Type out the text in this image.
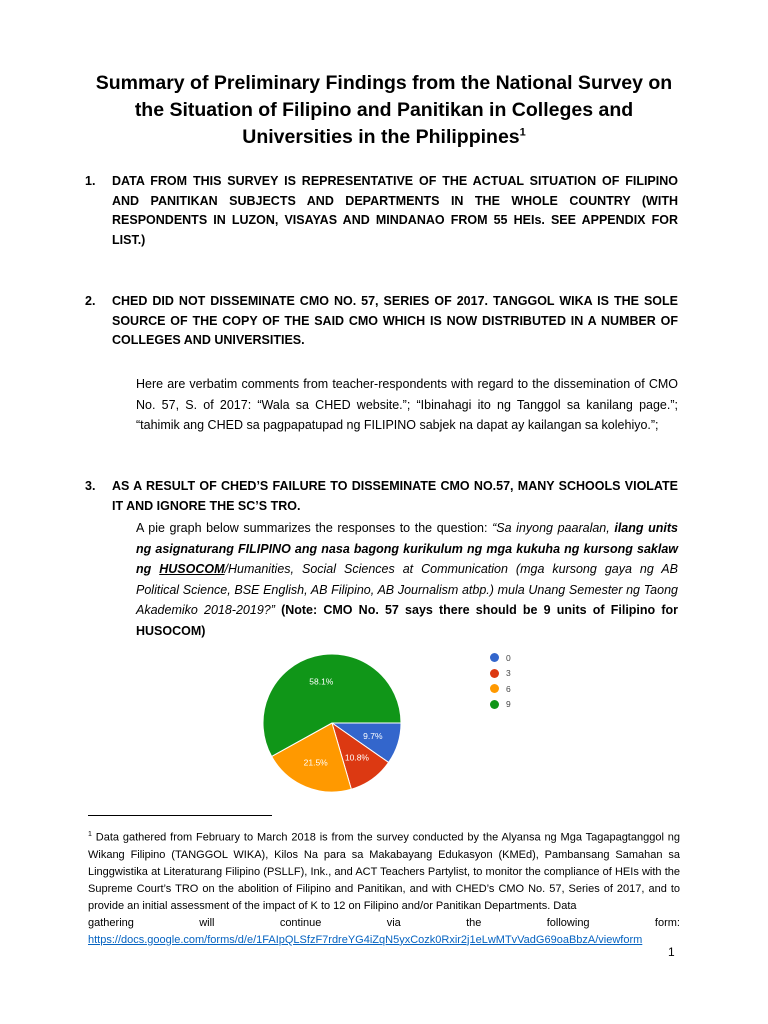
Summary of Preliminary Findings from the National Survey on
the Situation of Filipino and Panitikan in Colleges and
Universities in the Philippines$^1$
1. DATA FROM THIS SURVEY IS REPRESENTATIVE OF THE ACTUAL SITUATION OF FILIPINO AND PANITIKAN SUBJECTS AND DEPARTMENTS IN THE WHOLE COUNTRY (WITH RESPONDENTS IN LUZON, VISAYAS AND MINDANAO FROM 55 HEIs. SEE APPENDIX FOR LIST.)
2. CHED DID NOT DISSEMINATE CMO NO. 57, SERIES OF 2017. TANGGOL WIKA IS THE SOLE SOURCE OF THE COPY OF THE SAID CMO WHICH IS NOW DISTRIBUTED IN A NUMBER OF COLLEGES AND UNIVERSITIES.
Here are verbatim comments from teacher-respondents with regard to the dissemination of CMO No. 57, S. of 2017: “Wala sa CHED website.”; “Ibinahagi ito ng Tanggol sa kanilang page.”; “tahimik ang CHED sa pagpapatupad ng FILIPINO sabjek na dapat ay kailangan sa kolehiyo.”;
3. AS A RESULT OF CHED’S FAILURE TO DISSEMINATE CMO NO.57, MANY SCHOOLS VIOLATE IT AND IGNORE THE SC’S TRO.
A pie graph below summarizes the responses to the question: “Sa inyong paaralan, ilang units ng asignaturang FILIPINO ang nasa bagong kurikulum ng mga kukuha ng kursong saklaw ng HUSOCOM/Humanities, Social Sciences at Communication (mga kursong gaya ng AB Political Science, BSE English, AB Filipino, AB Journalism atbp.) mula Unang Semester ng Taong Akademiko 2018-2019?” (Note: CMO No. 57 says there should be 9 units of Filipino for HUSOCOM)
9.7%
10.8%
21.5%
58.1%
0
3
6
9
$^1$ Data gathered from February to March 2018 is from the survey conducted by the Alyansa ng Mga Tagapagtanggol ng Wikang Filipino (TANGGOL WIKA), Kilos Na para sa Makabayang Edukasyon (KMEd), Pambansang Samahan sa Linggwistika at Literaturang Filipino (PSLLF), Ink., and ACT Teachers Partylist, to monitor the compliance of HEIs with the Supreme Court’s TRO on the abolition of Filipino and Panitikan, and with CHED’s CMO No. 57, Series of 2017, and to provide an initial assessment of the impact of K to 12 on Filipino and/or Panitikan Departments. Data
gathering	will	continue	via	the	following	form:
https://docs.google.com/forms/d/e/1FAIpQLSfzF7rdreYG4iZqN5yxCozk0Rxir2j1eLwMTvVadG69oaBbzA/viewform
1
